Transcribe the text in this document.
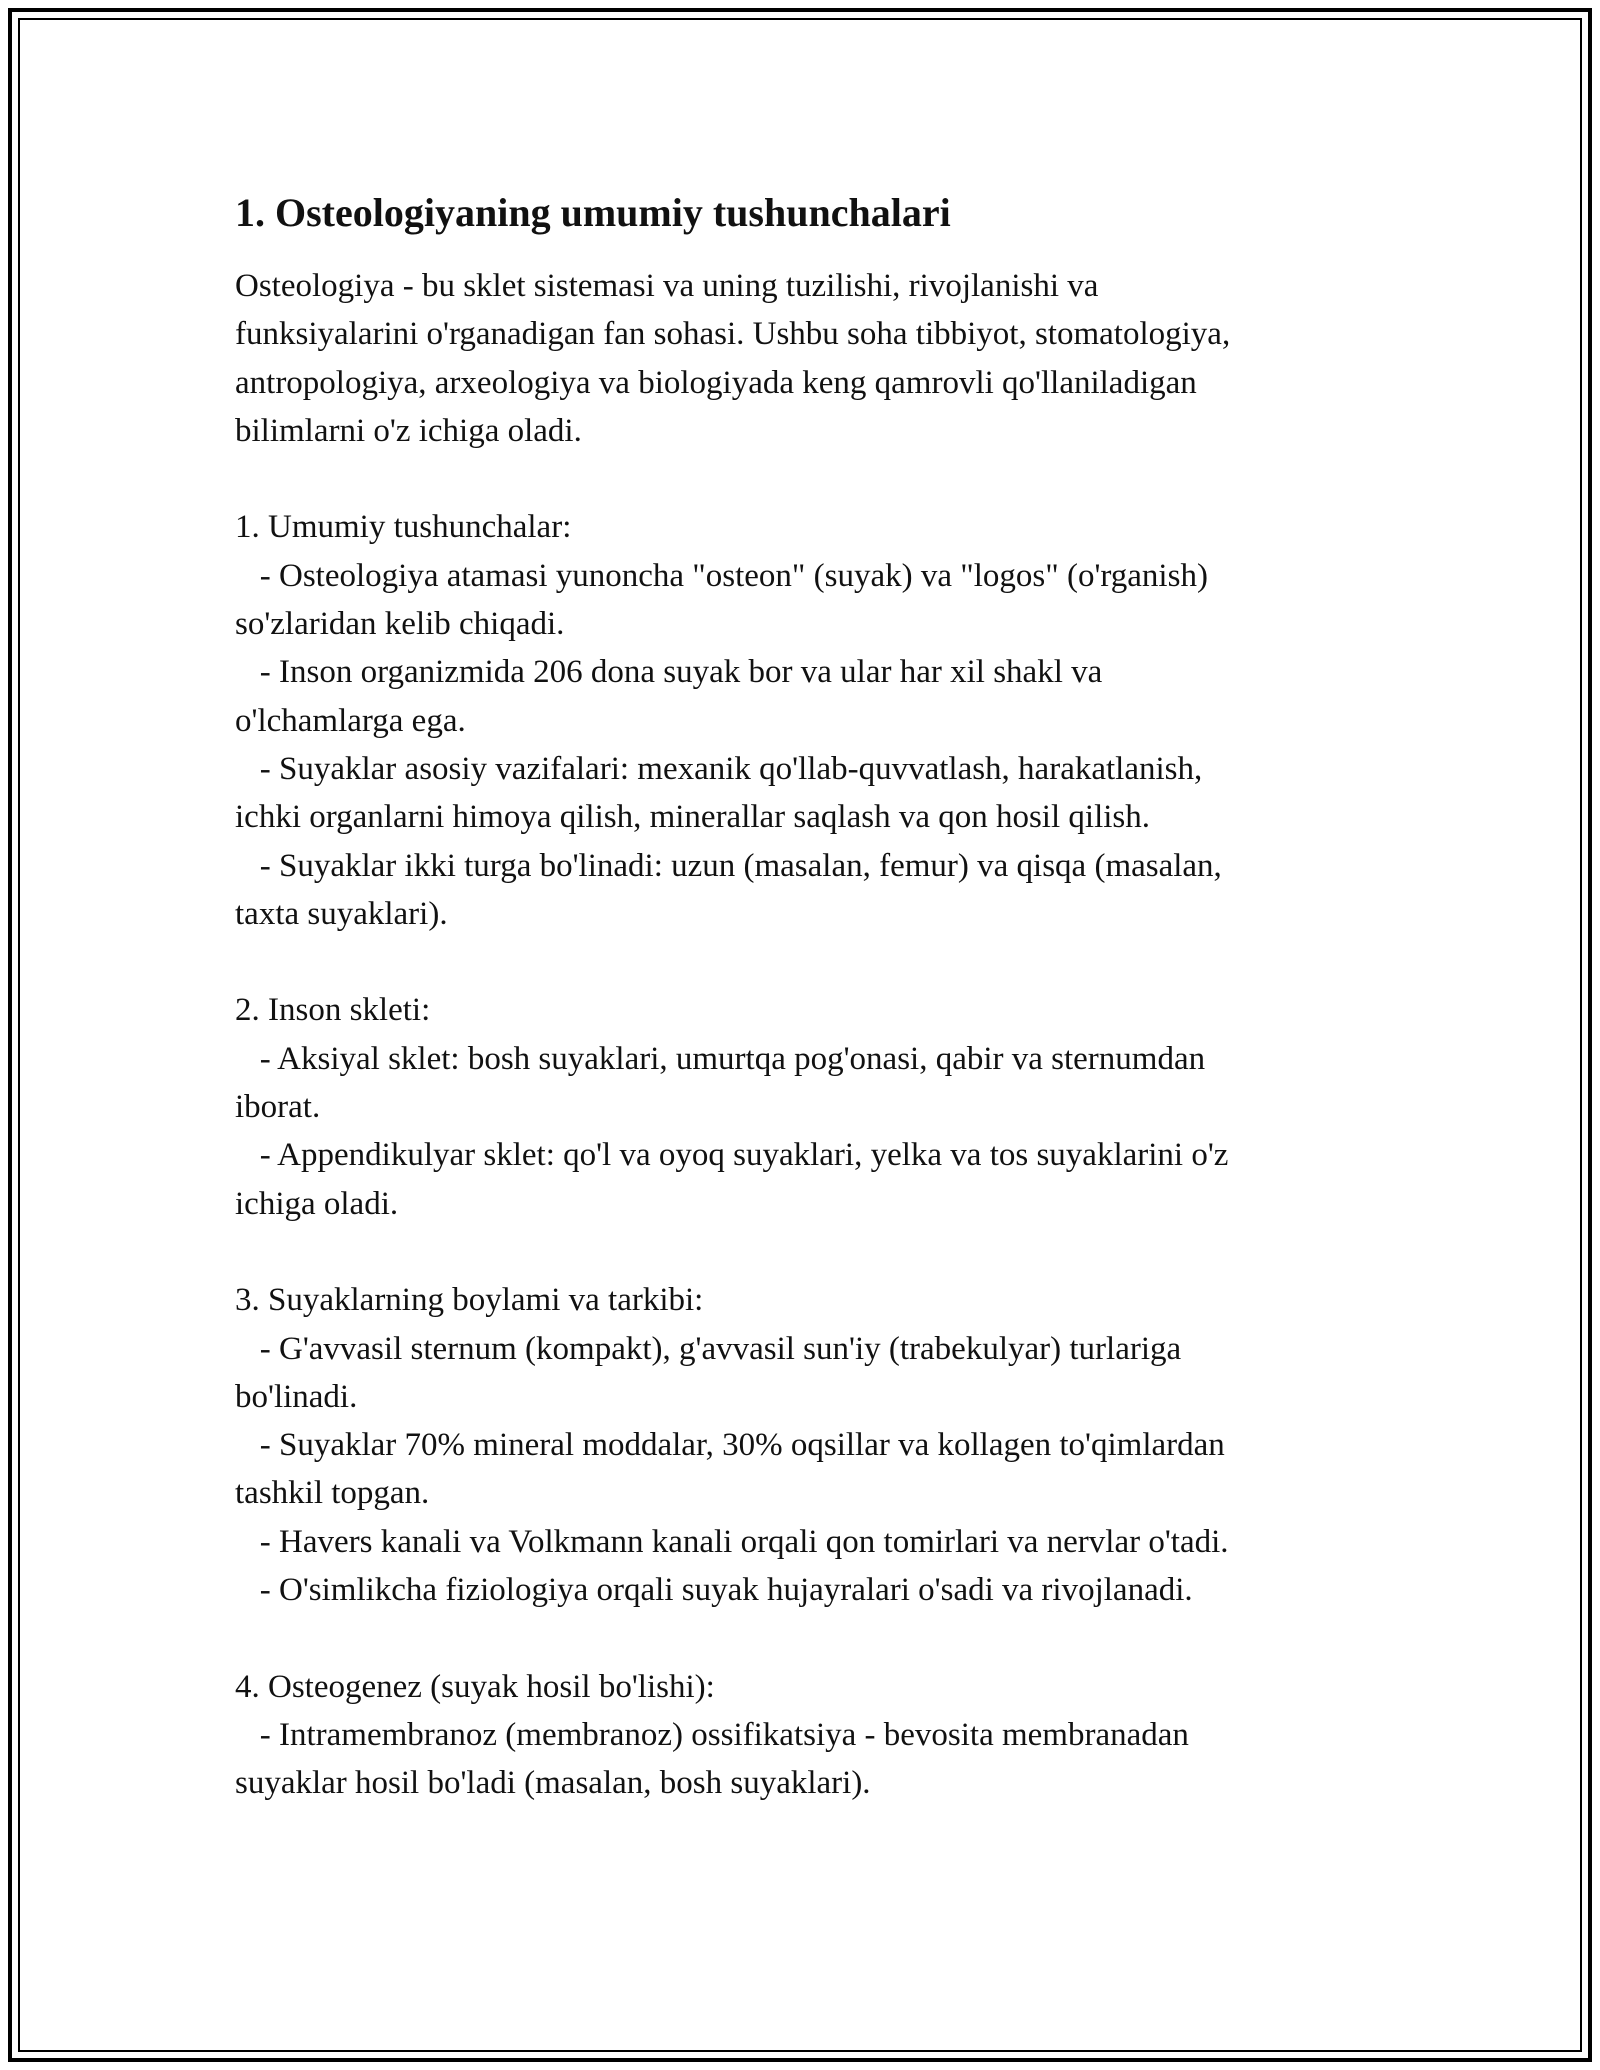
1. Osteologiyaning umumiy tushunchalari

Osteologiya - bu sklet sistemasi va uning tuzilishi, rivojlanishi va
funksiyalarini o'rganadigan fan sohasi. Ushbu soha tibbiyot, stomatologiya,
antropologiya, arxeologiya va biologiyada keng qamrovli qo'llaniladigan
bilimlarni o'z ichiga oladi.

1. Umumiy tushunchalar:

- Osteologiya atamasi yunoncha "osteon" (suyak) va "logos" (o'rganish)
so'zlaridan kelib chiqadi.

- Inson organizmida 206 dona suyak bor va ular har xil shakl va
o'lchamlarga ega.

- Suyaklar asosiy vazifalari: mexanik qo'llab-quvvatlash, harakatlanish,
ichki organlarni himoya qilish, minerallar saqlash va qon hosil qilish.

- Suyaklar ikki turga bo'linadi: uzun (masalan, femur) va qisqa (masalan,
taxta suyaklari).

2. Inson skleti:

- Aksiyal sklet: bosh suyaklari, umurtqa pog'onasi, qabir va sternumdan
iborat.

- Appendikulyar sklet: qo'l va oyoq suyaklari, yelka va tos suyaklarini o'z
ichiga oladi.

3. Suyaklarning boylami va tarkibi:

- G'avvasil sternum (kompakt), g'avvasil sun'iy (trabekulyar) turlariga
bo'linadi.

- Suyaklar 70% mineral moddalar, 30% oqsillar va kollagen to'qimlardan
tashkil topgan.

- Havers kanali va Volkmann kanali orqali qon tomirlari va nervlar o'tadi.

- O'simlikcha fiziologiya orqali suyak hujayralari o'sadi va rivojlanadi.

4. Osteogenez (suyak hosil bo'lishi):

- Intramembranoz (membranoz) ossifikatsiya - bevosita membranadan
suyaklar hosil bo'ladi (masalan, bosh suyaklari).
